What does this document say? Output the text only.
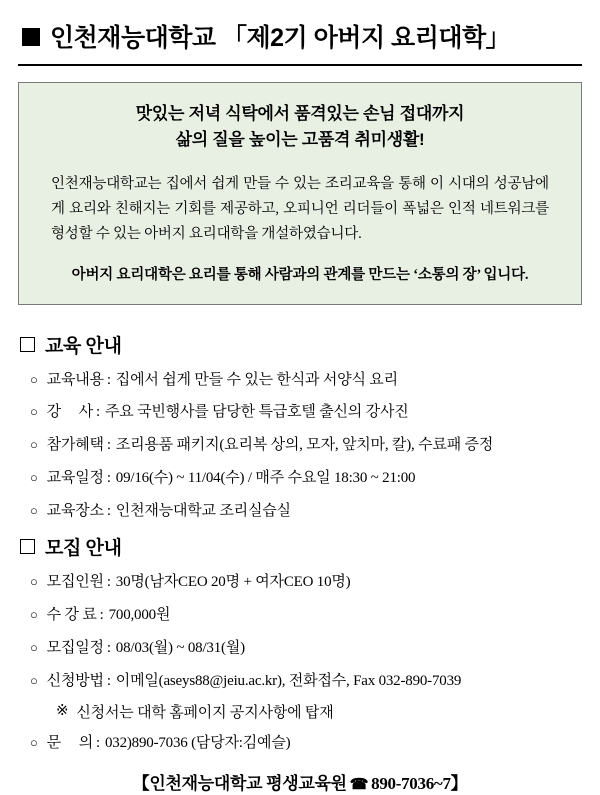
인천재능대학교 「제2기 아버지 요리대학」
맛있는 저녁 식탁에서 품격있는 손님 접대까지
삶의 질을 높이는 고품격 취미생활!
인천재능대학교는 집에서 쉽게 만들 수 있는 조리교육을 통해 이 시대의 성공남에게 요리와 친해지는 기회를 제공하고, 오피니언 리더들이 폭넓은 인적 네트워크를 형성할 수 있는 아버지 요리대학을 개설하였습니다.
아버지 요리대학은 요리를 통해 사람과의 관계를 만드는 ‘소통의 장’ 입니다.
교육 안내
○ 교육내용 : 집에서 쉽게 만들 수 있는 한식과 서양식 요리
○ 강     사 : 주요 국빈행사를 담당한 특급호텔 출신의 강사진
○ 참가혜택 : 조리용품 패키지(요리복 상의, 모자, 앞치마, 칼), 수료패 증정
○ 교육일정 : 09/16(수) ~ 11/04(수) / 매주 수요일 18:30 ~ 21:00
○ 교육장소 : 인천재능대학교 조리실습실
모집 안내
○ 모집인원 : 30명(남자CEO 20명 + 여자CEO 10명)
○ 수 강 료 : 700,000원
○ 모집일정 : 08/03(월) ~ 08/31(월)
○ 신청방법 : 이메일(aseys88@jeiu.ac.kr), 전화접수, Fax 032-890-7039
※ 신청서는 대학 홈페이지 공지사항에 탑재
○ 문     의 : 032)890-7036 (담당자:김예슬)
【인천재능대학교 평생교육원 ☎ 890-7036~7】
